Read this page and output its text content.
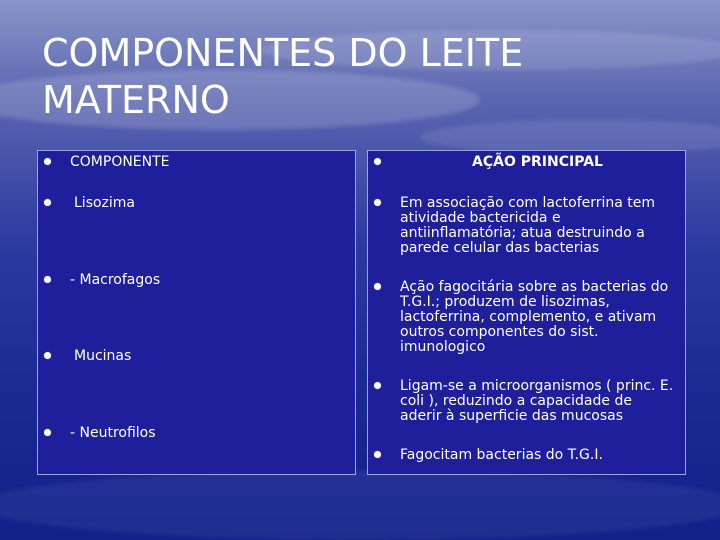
COMPONENTES DO LEITE
MATERNO
COMPONENTE
Lisozima
- Macrofagos
Mucinas
- Neutrofilos
AÇÃO PRINCIPAL
Em associação com lactoferrina tem
atividade bactericida e
antiinflamatória; atua destruindo a
parede celular das bacterias
Ação fagocitária sobre as bacterias do
T.G.I.; produzem de lisozimas,
lactoferrina, complemento, e ativam
outros componentes do sist.
imunologico
Ligam-se a microorganismos ( princ. E.
coli ), reduzindo a capacidade de
aderir à superficie das mucosas
Fagocitam bacterias do T.G.I.
